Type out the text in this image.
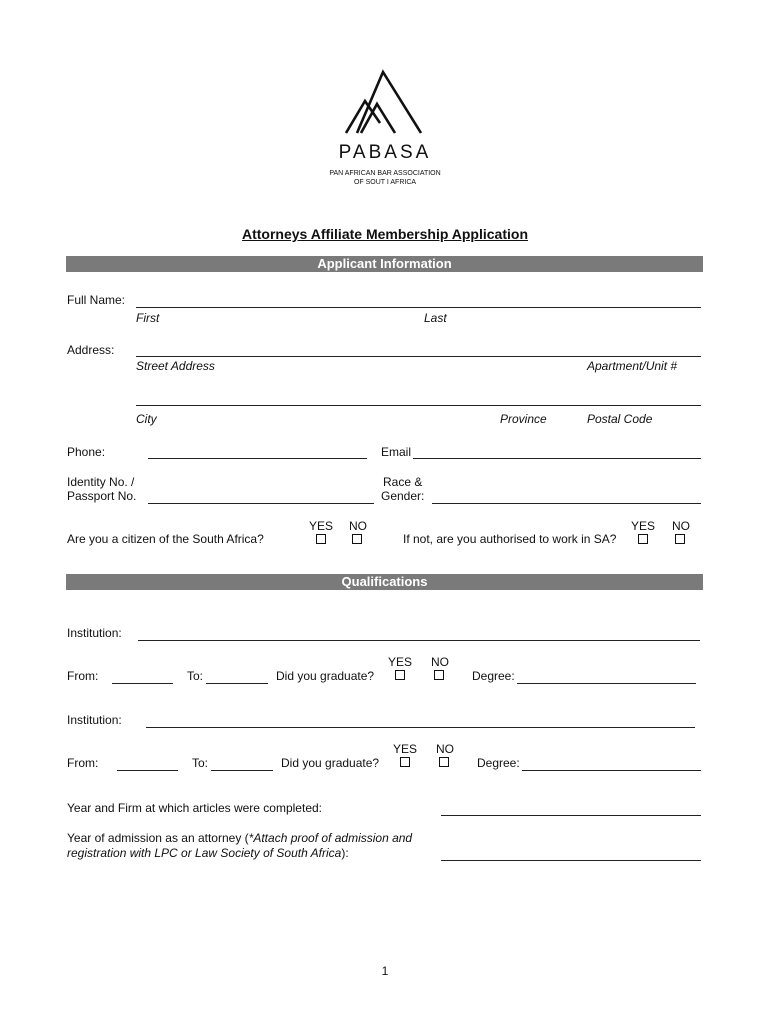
PABASA
PAN AFRICAN BAR ASSOCIATION
OF SOUT I AFRICA
Attorneys Affiliate Membership Application
Applicant Information
Full Name:
First	Last
Address:
Street Address	Apartment/Unit #
City	Province	Postal Code
Phone:	Email
Identity No. /
Passport No.
Race &
Gender:
YES NO
Are you a citizen of the South Africa?
YES NO
If not, are you authorised to work in SA?
Qualifications
Institution:
YES NO
From:	To:	Did you graduate?	Degree:
Institution:
YES NO
From:	To:	Did you graduate?	Degree:
Year and Firm at which articles were completed:
Year of admission as an attorney (*Attach proof of admission and
registration with LPC or Law Society of South Africa):
1
